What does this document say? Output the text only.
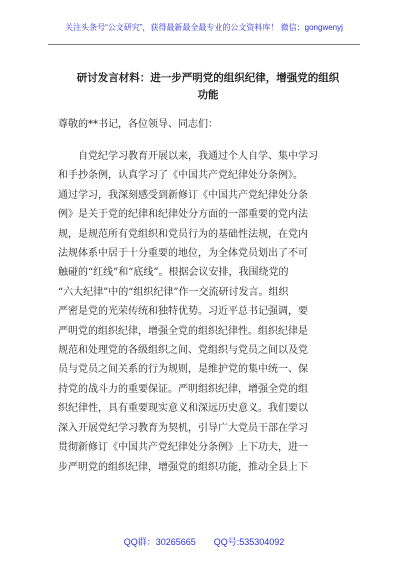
关注头条号“公文研究”，获得最新最全最专业的公文资料库！ 微信：gongwenyj
研讨发言材料：进一步严明党的组织纪律，增强党的组织
功能

尊敬的**书记，各位领导、同志们：

　　自党纪学习教育开展以来，我通过个人自学、集中学习
和手抄条例，认真学习了《中国共产党纪律处分条例》。
通过学习，我深刻感受到新修订《中国共产党纪律处分条
例》是关于党的纪律和纪律处分方面的一部重要的党内法
规，是规范所有党组织和党员行为的基础性法规，在党内
法规体系中居于十分重要的地位，为全体党员划出了不可
触碰的“红线”和“底线”。根据会议安排，我围绕党的
“六大纪律”中的“组织纪律”作一交流研讨发言。组织
严密是党的光荣传统和独特优势。习近平总书记强调，要
严明党的组织纪律，增强全党的组织纪律性。组织纪律是
规范和处理党的各级组织之间、党组织与党员之间以及党
员与党员之间关系的行为规则，是维护党的集中统一、保
持党的战斗力的重要保证。严明组织纪律，增强全党的组
织纪律性，具有重要现实意义和深远历史意义。我们要以
深入开展党纪学习教育为契机，引导广大党员干部在学习
贯彻新修订《中国共产党纪律处分条例》上下功夫，进一
步严明党的组织纪律，增强党的组织功能，推动全县上下
QQ群：30265665　　QQ号:535304092
